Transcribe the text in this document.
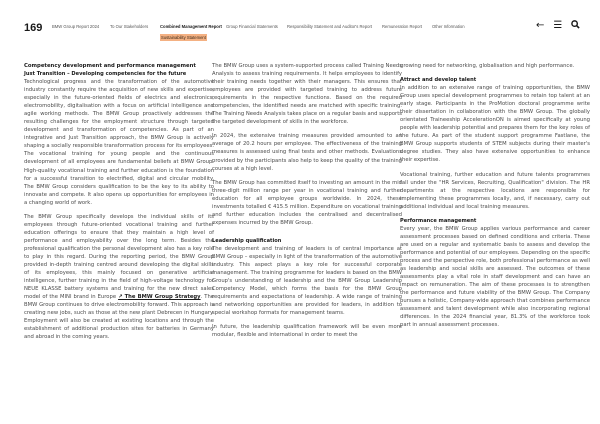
169 BMW Group Report 2024	To Our Stakeholders	Combined Management Report Group Financial Statements Responsibility Statement and Auditor's Report Remuneration Report Other Information
Sustainability Statement
← ☰
Competency development and performance management
Just Transition – Developing competencies for the future

Technological progress and the transformation of the automotive industry constantly require the acquisition of new skills and expertise, especially in the future-oriented fields of electrics and electronics, electromobility, digitalisation with a focus on artificial intelligence and agile working methods. The BMW Group proactively addresses the resulting challenges for the employment structure through targeted development and transformation of competencies. As part of an integrative and Just Transition approach, the BMW Group is actively shaping a socially responsible transformation process for its employees. The vocational training for young people and the continuous development of all employees are fundamental beliefs at BMW Group. High-quality vocational training and further education is the foundation for a successful transition to electrified, digital and circular mobility. The BMW Group considers qualification to be the key to its ability to innovate and compete. It also opens up opportunities for employees in a changing world of work.

The BMW Group specifically develops the individual skills of its employees through future-oriented vocational training and further education offerings to ensure that they maintain a high level of performance and employability over the long term. Besides the professional qualification the personal development also has a key role to play in this regard. During the reporting period, the BMW Group provided in-depth training centred around developing the digital skills of its employees, this mainly focused on generative artificial intelligence, further training in the field of high-voltage technology for NEUE KLASSE battery systems and training for the new direct sales model of the MINI brand in Europe ↗ The BMW Group Strategy. The BMW Group continues to drive electromobility forward. This approach is creating new jobs, such as those at the new plant Debrecen in Hungary. Employment will also be created at existing locations and through the establishment of additional production sites for batteries in Germany and abroad in the coming years.

The BMW Group uses a system-supported process called Training Needs Analysis to assess training requirements. It helps employees to identify their training needs together with their managers. This ensures that employees are provided with targeted training to address future requirements in the respective functions. Based on the required competencies, the identified needs are matched with specific training. The Training Needs Analysis takes place on a regular basis and supports the targeted development of skills in the workforce.

In 2024, the extensive training measures provided amounted to an average of 20.2 hours per employee. The effectiveness of the training measures is assessed using final tests and other methods. Evaluations provided by the participants also help to keep the quality of the training courses at a high level.

The BMW Group has committed itself to investing an amount in the mid three-digit million range per year in vocational training and further education for all employee groups worldwide. In 2024, these investments totalled € 415.5 million. Expenditure on vocational training and further education includes the centralised and decentralised expenses incurred by the BMW Group.

Leadership qualification

The development and training of leaders is of central importance at BMW Group – especially in light of the transformation of the automotive industry. This aspect plays a key role for successful corporate management. The training programme for leaders is based on the BMW Group's understanding of leadership and the BMW Group Leadership Competency Model, which forms the basis for the BMW Group requirements and expectations of leadership. A wide range of training and networking opportunities are provided for leaders, in addition to special workshop formats for management teams.

In future, the leadership qualification framework will be even more modular, flexible and international in order to meet the

growing need for networking, globalisation and high performance.

Attract and develop talent

In addition to an extensive range of training opportunities, the BMW Group uses special development programmes to retain top talent at an early stage. Participants in the ProMotion doctoral programme write their dissertation in collaboration with the BMW Group. The globally orientated Traineeship AccelerationON is aimed specifically at young people with leadership potential and prepares them for the key roles of the future. As part of the student support programme Fastlane, the BMW Group supports students of STEM subjects during their master's degree studies. They also have extensive opportunities to enhance their expertise.

Vocational training, further education and future talents programmes fall under the "HR Services, Recruiting, Qualification" division. The HR departments at the respective locations are responsible for implementing these programmes locally, and, if necessary, carry out additional individual and local training measures.

Performance management

Every year, the BMW Group applies various performance and career assessment processes based on defined conditions and criteria. These are used on a regular and systematic basis to assess and develop the performance and potential of our employees. Depending on the specific process and the perspective role, both professional performance as well as leadership and social skills are assessed. The outcomes of these assessments play a vital role in staff development and can have an impact on remuneration. The aim of these processes is to strengthen the performance and future viability of the BMW Group. The Company pursues a holistic, Company-wide approach that combines performance assessment and talent development while also incorporating regional differences. In the 2024 financial year, 81.3% of the workforce took part in annual assessment processes.
